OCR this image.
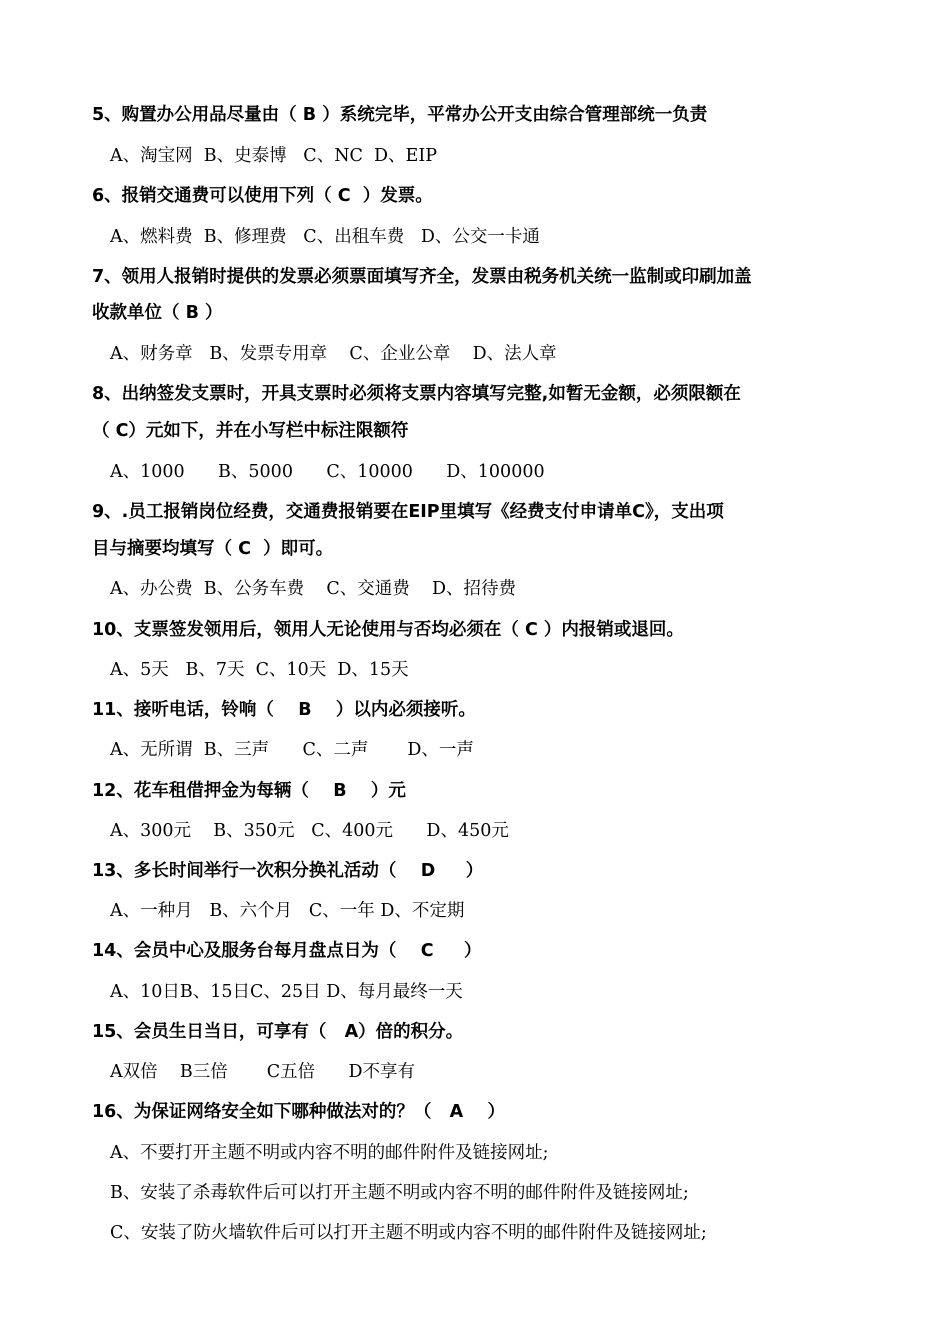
5、购置办公用品尽量由（ B ）系统完毕，平常办公开支由综合管理部统一负责
A、淘宝网  B、史泰博   C、NC  D、EIP
6、报销交通费可以使用下列（ C  ）发票。
A、燃料费  B、修理费   C、出租车费   D、公交一卡通
7、领用人报销时提供的发票必须票面填写齐全，发票由税务机关统一监制或印刷加盖
收款单位（ B ）
A、财务章   B、发票专用章    C、企业公章    D、法人章
8、出纳签发支票时，开具支票时必须将支票内容填写完整,如暂无金额，必须限额在
（ C）元如下，并在小写栏中标注限额符
A、1000      B、5000      C、10000      D、100000
9、.员工报销岗位经费，交通费报销要在EIP里填写《经费支付申请单C》，支出项
目与摘要均填写（ C  ）即可。
A、办公费  B、公务车费    C、交通费    D、招待费
10、支票签发领用后，领用人无论使用与否均必须在（ C ）内报销或退回。
A、5天   B、7天  C、10天  D、15天
11、接听电话，铃响（    B    ）以内必须接听。
A、无所谓  B、三声      C、二声       D、一声
12、花车租借押金为每辆（    B    ）元
A、300元    B、350元   C、400元      D、450元
13、多长时间举行一次积分换礼活动（    D     ）
A、一种月   B、六个月   C、一年 D、不定期
14、会员中心及服务台每月盘点日为（    C     ）
A、10日B、15日C、25日 D、每月最终一天
15、会员生日当日，可享有（   A）倍的积分。
A双倍    B三倍       C五倍      D不享有
16、为保证网络安全如下哪种做法对的？（   A    ）
A、不要打开主题不明或内容不明的邮件附件及链接网址;
B、安装了杀毒软件后可以打开主题不明或内容不明的邮件附件及链接网址;
C、安装了防火墙软件后可以打开主题不明或内容不明的邮件附件及链接网址;
